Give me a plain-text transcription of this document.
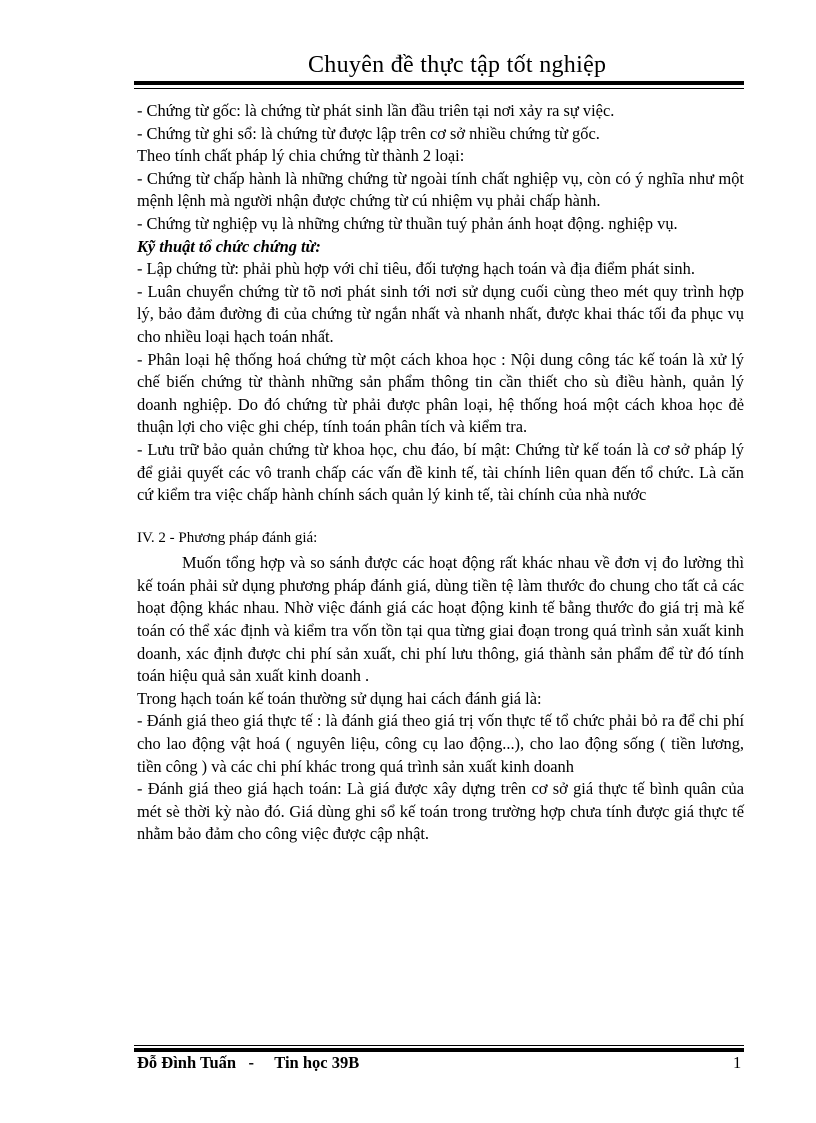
Chuyên đề thực tập tốt nghiệp

- Chứng từ gốc: là chứng từ phát sinh lần đầu triên tại nơi xảy ra sự việc.

- Chứng từ ghi sổ: là chứng từ được lập trên cơ sở nhiều chứng từ gốc.

Theo tính chất pháp lý chia chứng từ thành 2 loại:

- Chứng từ chấp hành là những chứng từ ngoài tính chất nghiệp vụ, còn có ý nghĩa như một mệnh lệnh mà người nhận được chứng từ cú nhiệm vụ phải chấp hành.

- Chứng từ nghiệp vụ là những chứng từ thuần tuý phản ánh hoạt động. nghiệp vụ.

Kỹ thuật tổ chức chứng từ:

- Lập chứng từ: phải phù hợp với chỉ tiêu, đối tượng hạch toán và địa điểm phát sinh.

- Luân chuyển chứng từ tõ nơi phát sinh tới nơi sử dụng cuối cùng theo mét quy trình hợp lý, bảo đảm đường đi của chứng từ ngắn nhất và nhanh nhất, được khai thác tối đa phục vụ cho nhiều loại hạch toán nhất.

- Phân loại hệ thống hoá chứng từ một cách khoa học : Nội dung công tác kế toán là xử lý chế biến chứng từ thành những sản phẩm thông tin cần thiết cho sù điều hành, quản lý doanh nghiệp. Do đó chứng từ phải được phân loại, hệ thống hoá một cách khoa học đẻ thuận lợi cho việc ghi chép, tính toán phân tích và kiểm tra.

- Lưu trữ bảo quản chứng từ khoa học, chu đáo, bí mật: Chứng từ kế toán là cơ sở pháp lý để giải quyết các vô tranh chấp các vấn đề kinh tế, tài chính liên quan đến tổ chức. Là căn cứ kiểm tra việc chấp hành chính sách quản lý kinh tế, tài chính của nhà nước

IV. 2 - Phương pháp đánh giá:

Muốn tổng hợp và so sánh được các hoạt động rất khác nhau về đơn vị đo lường thì kế toán phải sử dụng phương pháp đánh giá, dùng tiền tệ làm thước đo chung cho tất cả các hoạt động khác nhau. Nhờ việc đánh giá các hoạt động kinh tế bằng thước đo giá trị mà kế toán có thể xác định và kiểm tra vốn tồn tại qua từng giai đoạn trong quá trình sản xuất kinh doanh, xác định được chi phí sản xuất, chi phí lưu thông, giá thành sản phẩm để từ đó tính toán hiệu quả sản xuất kinh doanh .

Trong hạch toán kế toán thường sử dụng hai cách đánh giá là:

- Đánh giá theo giá thực tế : là đánh giá theo giá trị vốn thực tế tổ chức phải bỏ ra để chi phí cho lao động vật hoá ( nguyên liệu, công cụ lao động...), cho lao động sống ( tiền lương, tiền công ) và các chi phí khác trong quá trình sản xuất kinh doanh

- Đánh giá theo giá hạch toán: Là giá được xây dựng trên cơ sở giá thực tế bình quân của mét sè thời kỳ nào đó. Giá dùng ghi sổ kế toán trong trường hợp chưa tính được giá thực tế nhằm bảo đảm cho công việc được cập nhật.

Đỗ Đình Tuấn   -     Tin học 39B	1
